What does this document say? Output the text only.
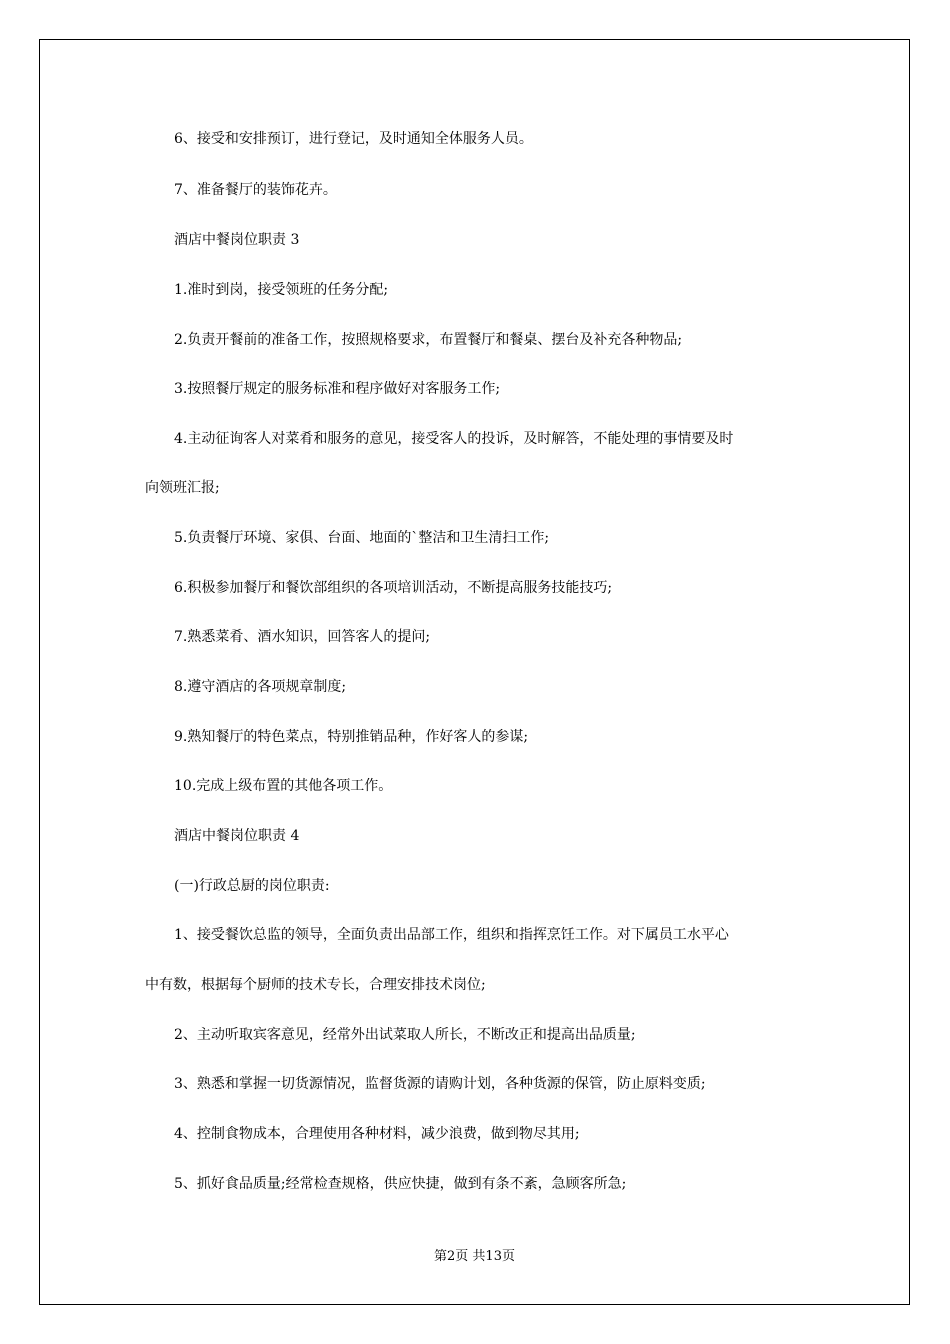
6、接受和安排预订，进行登记，及时通知全体服务人员。
7、准备餐厅的装饰花卉。
酒店中餐岗位职责 3
1.准时到岗，接受领班的任务分配;
2.负责开餐前的准备工作，按照规格要求，布置餐厅和餐桌、摆台及补充各种物品;
3.按照餐厅规定的服务标准和程序做好对客服务工作;
4.主动征询客人对菜肴和服务的意见，接受客人的投诉，及时解答，不能处理的事情要及时
向领班汇报;
5.负责餐厅环境、家俱、台面、地面的`整洁和卫生清扫工作;
6.积极参加餐厅和餐饮部组织的各项培训活动，不断提高服务技能技巧;
7.熟悉菜肴、酒水知识，回答客人的提问;
8.遵守酒店的各项规章制度;
9.熟知餐厅的特色菜点，特别推销品种，作好客人的参谋;
10.完成上级布置的其他各项工作。
酒店中餐岗位职责 4
(一)行政总厨的岗位职责:
1、接受餐饮总监的领导，全面负责出品部工作，组织和指挥烹饪工作。对下属员工水平心
中有数，根据每个厨师的技术专长，合理安排技术岗位;
2、主动听取宾客意见，经常外出试菜取人所长，不断改正和提高出品质量;
3、熟悉和掌握一切货源情况，监督货源的请购计划，各种货源的保管，防止原料变质;
4、控制食物成本，合理使用各种材料，减少浪费，做到物尽其用;
5、抓好食品质量;经常检查规格，供应快捷，做到有条不紊，急顾客所急;
第2页 共13页
